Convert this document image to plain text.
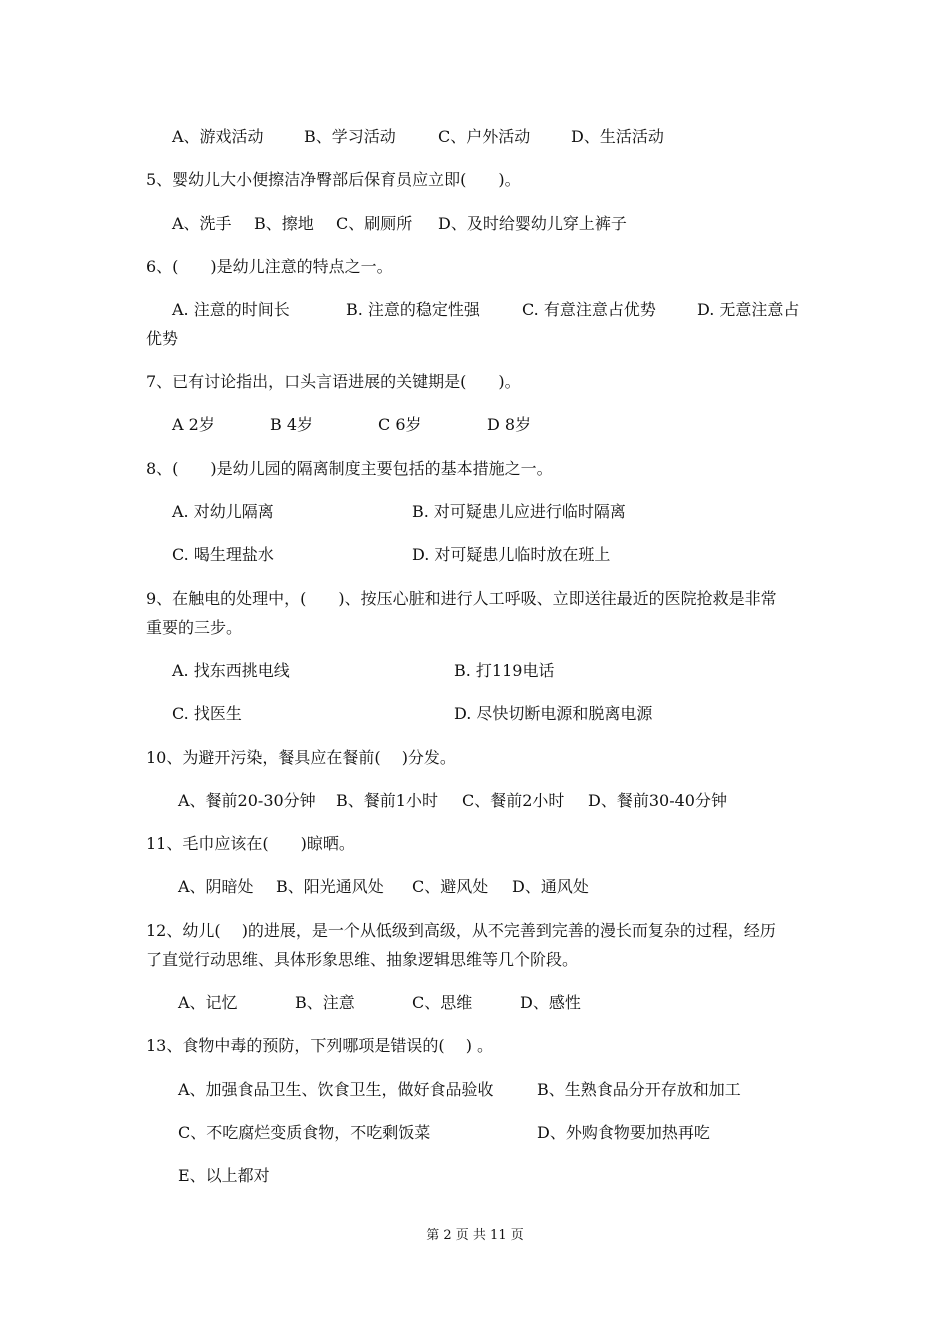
A、游戏活动	B、学习活动	C、户外活动	D、生活活动
5、婴幼儿大小便擦洁净臀部后保育员应立即(　　)。
A、洗手 B、擦地 C、刷厕所 D、及时给婴幼儿穿上裤子
6、(　　)是幼儿注意的特点之一。
A. 注意的时间长	B. 注意的稳定性强	C. 有意注意占优势	D. 无意注意占
优势
7、已有讨论指出，口头言语进展的关键期是(　　)。
A 2岁	B 4岁	C 6岁	D 8岁
8、(　　)是幼儿园的隔离制度主要包括的基本措施之一。
A. 对幼儿隔离	B. 对可疑患儿应进行临时隔离
C. 喝生理盐水	D. 对可疑患儿临时放在班上
9、在触电的处理中，(　　)、按压心脏和进行人工呼吸、立即送往最近的医院抢救是非常
重要的三步。
A. 找东西挑电线	B. 打119电话
C. 找医生	D. 尽快切断电源和脱离电源
10、为避开污染，餐具应在餐前(　 )分发。
A、餐前20-30分钟 B、餐前1小时 C、餐前2小时 D、餐前30-40分钟
11、毛巾应该在(　　)晾晒。
A、阴暗处 B、阳光通风处 C、避风处 D、通风处
12、幼儿(　 )的进展，是一个从低级到高级，从不完善到完善的漫长而复杂的过程，经历
了直觉行动思维、具体形象思维、抽象逻辑思维等几个阶段。
A、记忆	B、注意	C、思维	D、感性
13、食物中毒的预防，下列哪项是错误的(　 ) 。
A、加强食品卫生、饮食卫生，做好食品验收	B、生熟食品分开存放和加工
C、不吃腐烂变质食物，不吃剩饭菜	D、外购食物要加热再吃
E、以上都对
第 2 页 共 11 页
